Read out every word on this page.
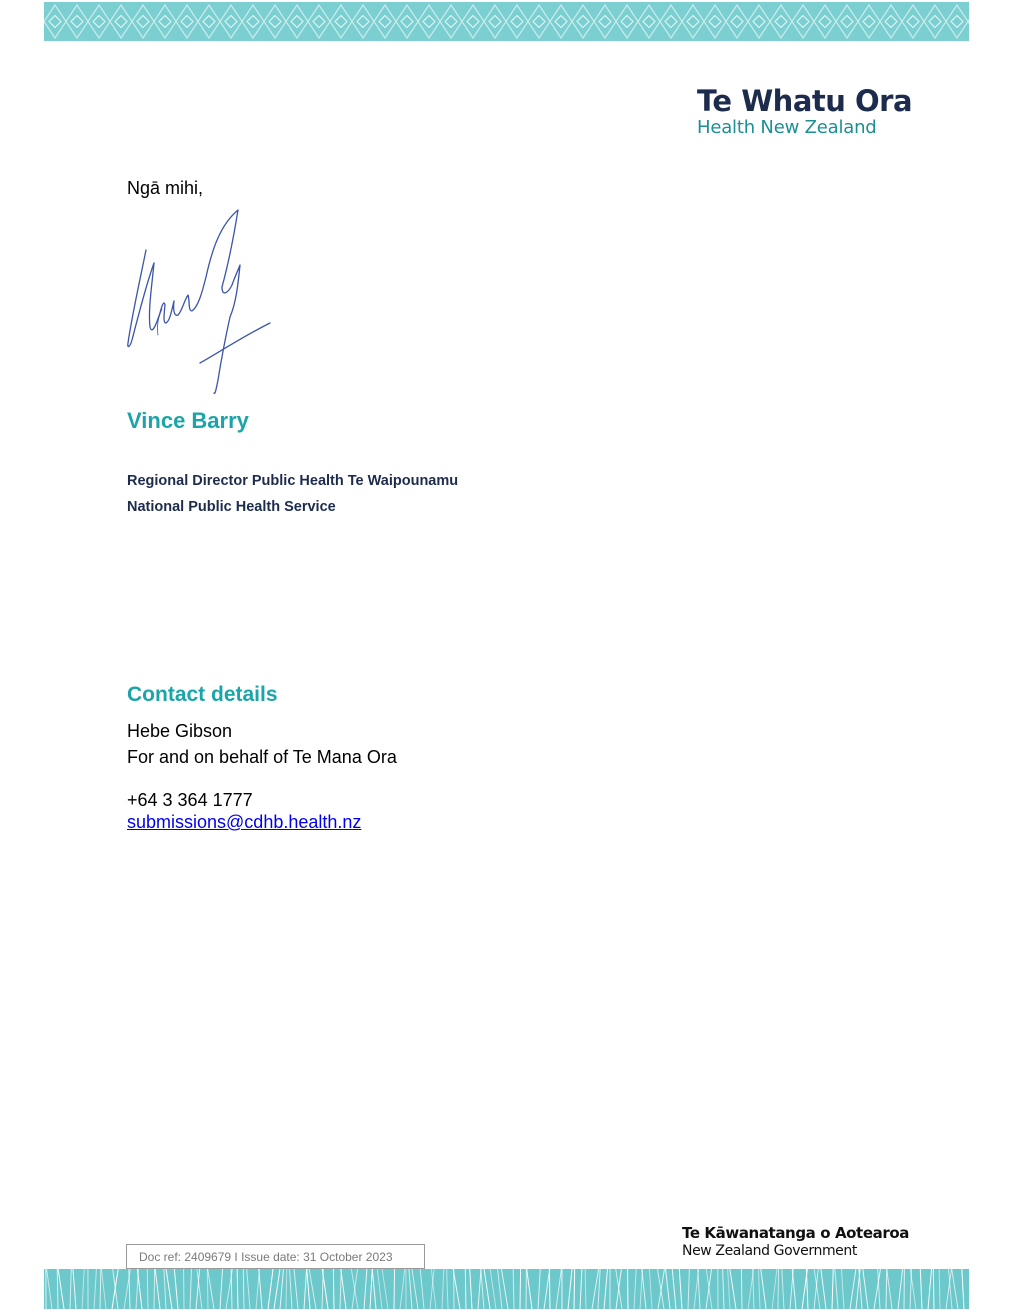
Te Whatu Ora
Health New Zealand
Ngā mihi,
Vince Barry
Regional Director Public Health Te Waipounamu
National Public Health Service
Contact details
Hebe Gibson
For and on behalf of Te Mana Ora
+64 3 364 1777
submissions@cdhb.health.nz
Doc ref: 2409679 I Issue date: 31 October 2023
Te Kāwanatanga o Aotearoa
New Zealand Government
